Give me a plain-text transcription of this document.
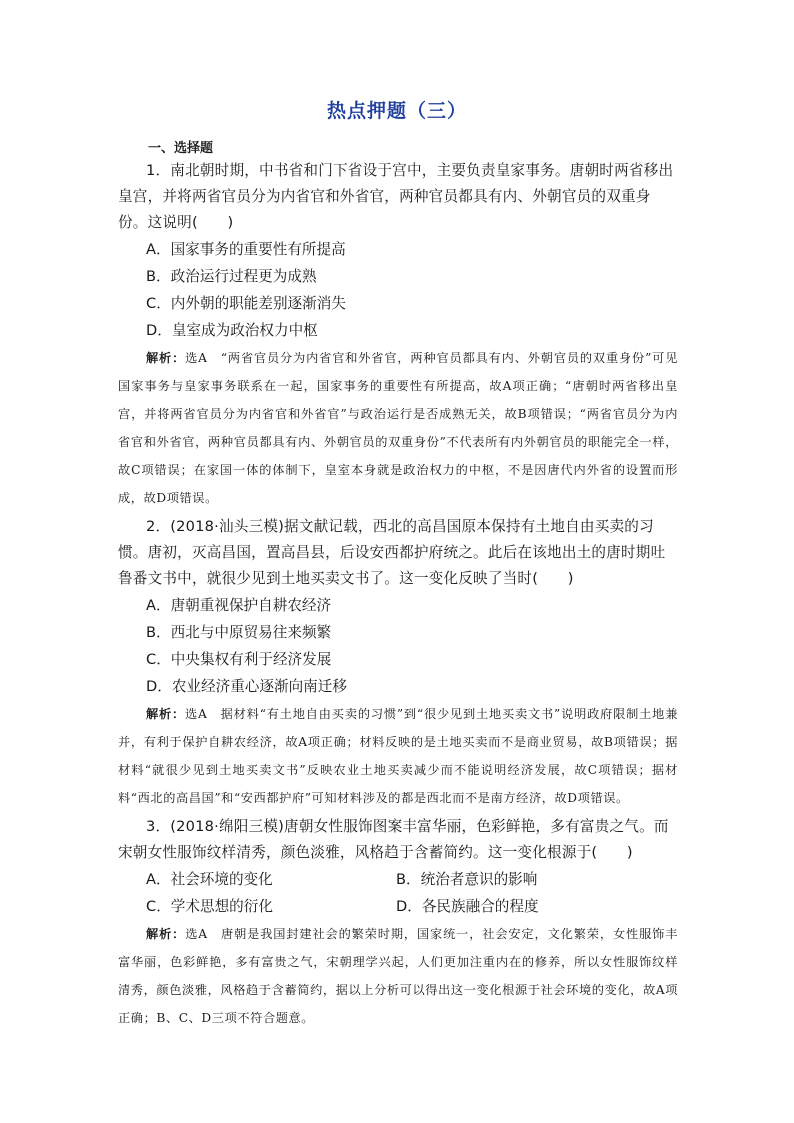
热点押题（三）
一、选择题

1．南北朝时期，中书省和门下省设于宫中，主要负责皇家事务。唐朝时两省移出皇宫，并将两省官员分为内省官和外省官，两种官员都具有内、外朝官员的双重身份。这说明(　　)

A．国家事务的重要性有所提高

B．政治运行过程更为成熟

C．内外朝的职能差别逐渐消失

D．皇室成为政治权力中枢

解析：选A　“两省官员分为内省官和外省官，两种官员都具有内、外朝官员的双重身份”可见国家事务与皇家事务联系在一起，国家事务的重要性有所提高，故A项正确；“唐朝时两省移出皇宫，并将两省官员分为内省官和外省官”与政治运行是否成熟无关，故B项错误；“两省官员分为内省官和外省官，两种官员都具有内、外朝官员的双重身份”不代表所有内外朝官员的职能完全一样，故C项错误；在家国一体的体制下，皇室本身就是政治权力的中枢，不是因唐代内外省的设置而形成，故D项错误。

2．(2018·汕头三模)据文献记载，西北的高昌国原本保持有土地自由买卖的习惯。唐初，灭高昌国，置高昌县，后设安西都护府统之。此后在该地出土的唐时期吐鲁番文书中，就很少见到土地买卖文书了。这一变化反映了当时(　　)

A．唐朝重视保护自耕农经济

B．西北与中原贸易往来频繁

C．中央集权有利于经济发展

D．农业经济重心逐渐向南迁移

解析：选A　据材料“有土地自由买卖的习惯”到“很少见到土地买卖文书”说明政府限制土地兼并，有利于保护自耕农经济，故A项正确；材料反映的是土地买卖而不是商业贸易，故B项错误；据材料“就很少见到土地买卖文书”反映农业土地买卖减少而不能说明经济发展，故C项错误；据材料“西北的高昌国”和“安西都护府”可知材料涉及的都是西北而不是南方经济，故D项错误。

3．(2018·绵阳三模)唐朝女性服饰图案丰富华丽，色彩鲜艳，多有富贵之气。而宋朝女性服饰纹样清秀，颜色淡雅，风格趋于含蓄简约。这一变化根源于(　　)

A．社会环境的变化	B．统治者意识的影响

C．学术思想的衍化	D．各民族融合的程度

解析：选A　唐朝是我国封建社会的繁荣时期，国家统一，社会安定，文化繁荣，女性服饰丰富华丽，色彩鲜艳，多有富贵之气，宋朝理学兴起，人们更加注重内在的修养，所以女性服饰纹样清秀，颜色淡雅，风格趋于含蓄简约，据以上分析可以得出这一变化根源于社会环境的变化，故A项正确；B、C、D三项不符合题意。
